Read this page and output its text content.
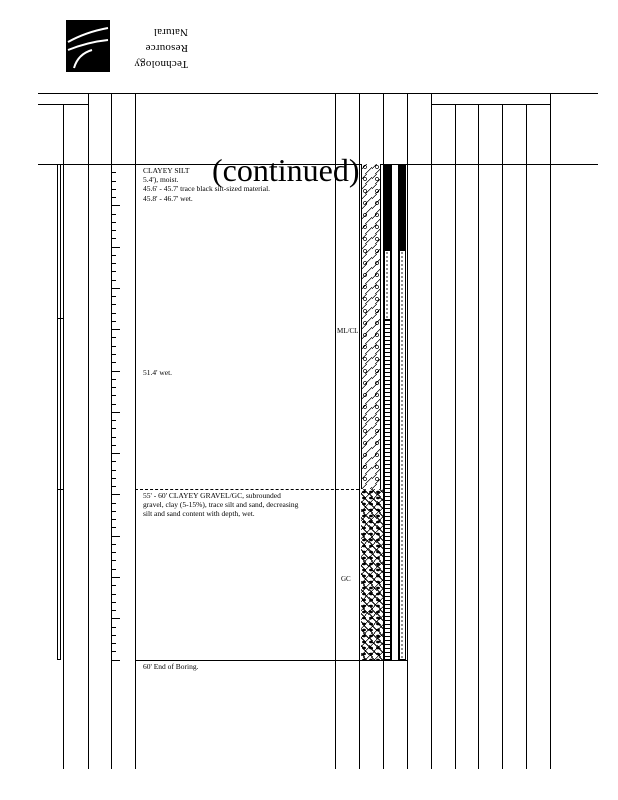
Technology
Resource
Natural
(continued)
CLAYEY SILT
5.4'), moist.
45.6' - 45.7' trace black silt-sized material.
45.8' - 46.7' wet.

51.4' wet.
55' - 60' CLAYEY GRAVEL/GC, subrounded
gravel, clay (5-15%), trace silt and sand, decreasing
silt and sand content with depth, wet.
60' End of Boring.
ML/CL
GC
